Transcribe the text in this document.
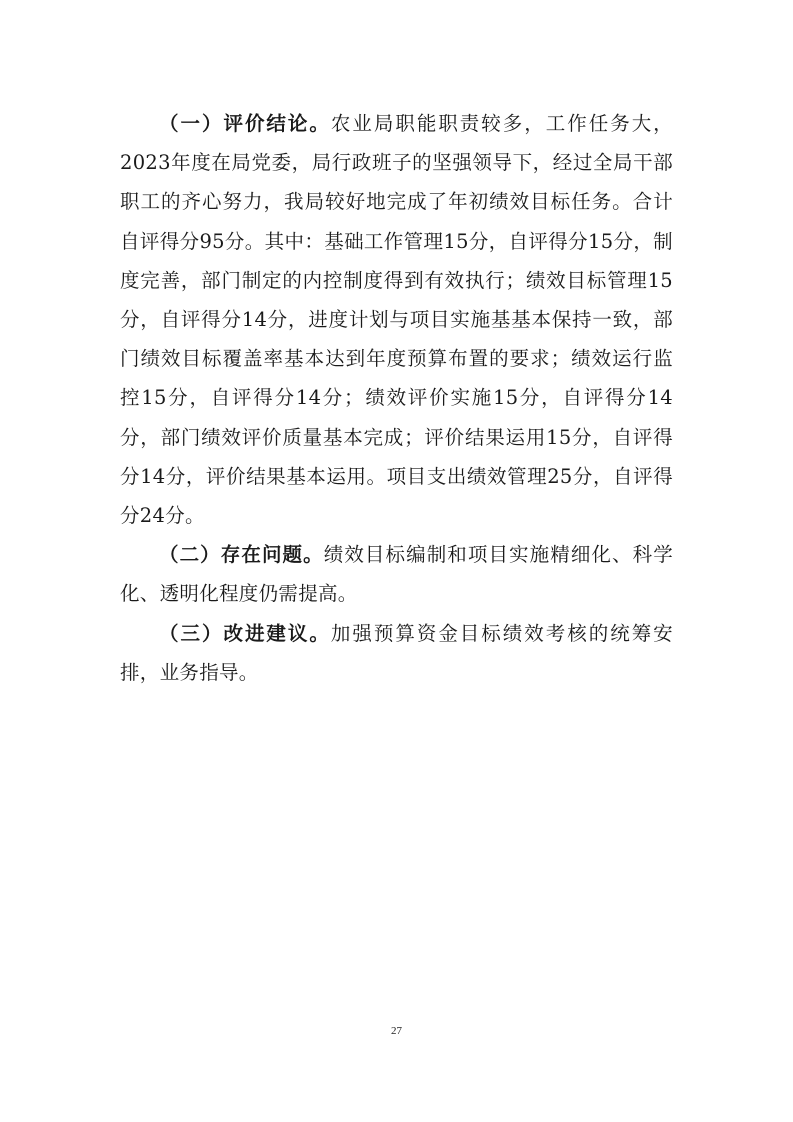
（一）评价结论。农业局职能职责较多，工作任务大，2023年度在局党委，局行政班子的坚强领导下，经过全局干部职工的齐心努力，我局较好地完成了年初绩效目标任务。合计自评得分95分。其中：基础工作管理15分，自评得分15分，制度完善，部门制定的内控制度得到有效执行；绩效目标管理15分，自评得分14分，进度计划与项目实施基基本保持一致，部门绩效目标覆盖率基本达到年度预算布置的要求；绩效运行监控15分，自评得分14分；绩效评价实施15分，自评得分14分，部门绩效评价质量基本完成；评价结果运用15分，自评得分14分，评价结果基本运用。项目支出绩效管理25分，自评得分24分。

（二）存在问题。绩效目标编制和项目实施精细化、科学化、透明化程度仍需提高。

（三）改进建议。加强预算资金目标绩效考核的统筹安排，业务指导。

27
